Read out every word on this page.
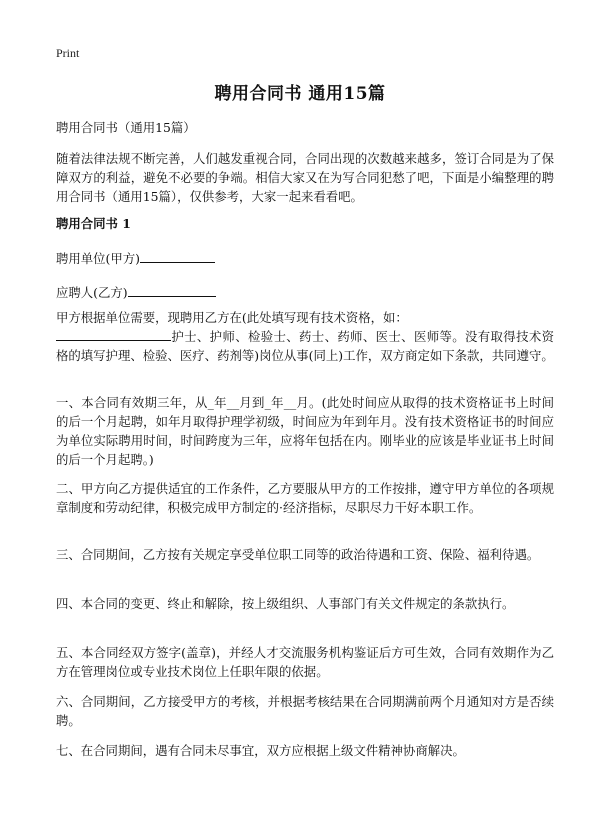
Print
聘用合同书 通用15篇

聘用合同书（通用15篇）

随着法律法规不断完善，人们越发重视合同，合同出现的次数越来越多，签订合同是为了保障双方的利益，避免不必要的争端。相信大家又在为写合同犯愁了吧，下面是小编整理的聘用合同书（通用15篇），仅供参考，大家一起来看看吧。

聘用合同书 1

聘用单位(甲方)

应聘人(乙方)

甲方根据单位需要，现聘用乙方在(此处填写现有技术资格，如：
护士、护师、检验士、药士、药师、医士、医师等。没有取得技术资格的填写护理、检验、医疗、药剂等)岗位从事(同上)工作，双方商定如下条款，共同遵守。

一、本合同有效期三年，从_年__月到_年__月。(此处时间应从取得的技术资格证书上时间的后一个月起聘，如年月取得护理学初级，时间应为年到年月。没有技术资格证书的时间应为单位实际聘用时间，时间跨度为三年，应将年包括在内。刚毕业的应该是毕业证书上时间的后一个月起聘。)

二、甲方向乙方提供适宜的工作条件，乙方要服从甲方的工作按排，遵守甲方单位的各项规章制度和劳动纪律，积极完成甲方制定的·经济指标，尽职尽力干好本职工作。

三、合同期间，乙方按有关规定享受单位职工同等的政治待遇和工资、保险、福利待遇。

四、本合同的变更、终止和解除，按上级组织、人事部门有关文件规定的条款执行。

五、本合同经双方签字(盖章)，并经人才交流服务机构鉴证后方可生效，合同有效期作为乙方在管理岗位或专业技术岗位上任职年限的依据。

六、合同期间，乙方接受甲方的考核，并根据考核结果在合同期满前两个月通知对方是否续聘。

七、在合同期间，遇有合同未尽事宜，双方应根据上级文件精神协商解决。
